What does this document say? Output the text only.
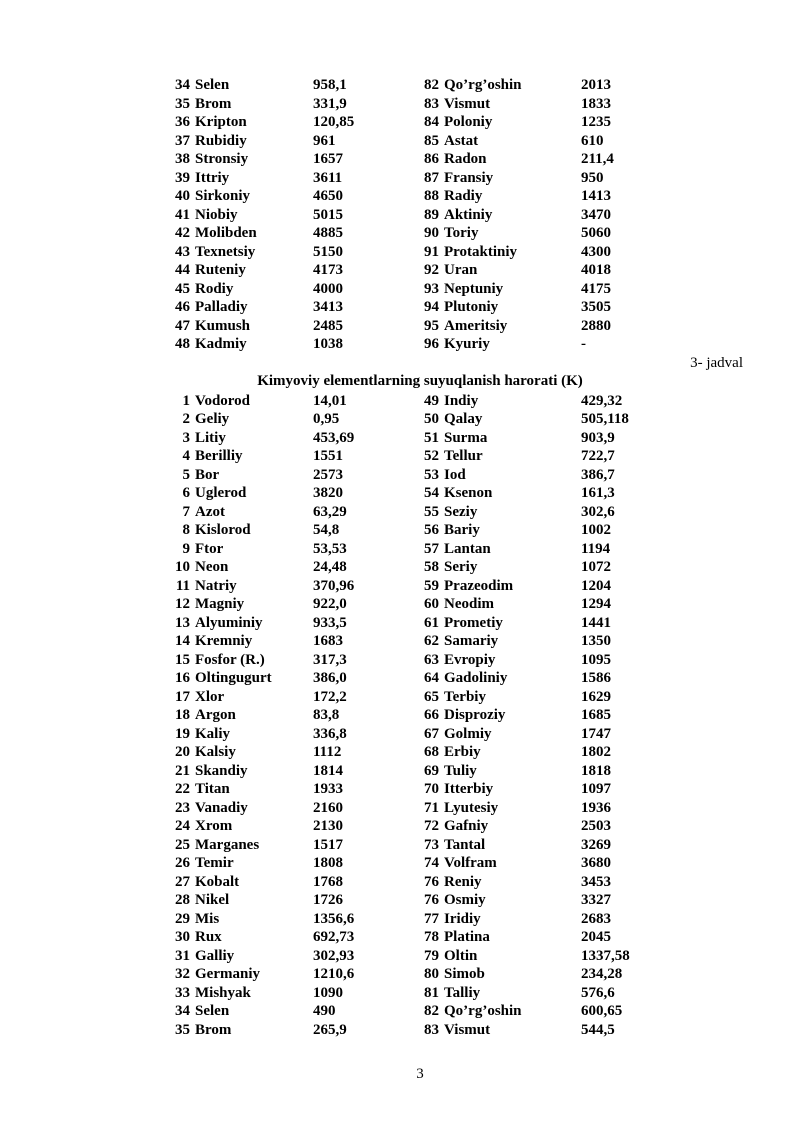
34	Selen	958,1	82	Qo’rg’oshin	2013
35	Brom	331,9	83	Vismut	1833
36	Kripton	120,85	84	Poloniy	1235
37	Rubidiy	961	85	Astat	610
38	Stronsiy	1657	86	Radon	211,4
39	Ittriy	3611	87	Fransiy	950
40	Sirkoniy	4650	88	Radiy	1413
41	Niobiy	5015	89	Aktiniy	3470
42	Molibden	4885	90	Toriy	5060
43	Texnetsiy	5150	91	Protaktiniy	4300
44	Ruteniy	4173	92	Uran	4018
45	Rodiy	4000	93	Neptuniy	4175
46	Palladiy	3413	94	Plutoniy	3505
47	Kumush	2485	95	Ameritsiy	2880
48	Kadmiy	1038	96	Kyuriy	-
3- jadval
Kimyoviy elementlarning suyuqlanish harorati (K)
1	Vodorod	14,01	49	Indiy	429,32
2	Geliy	0,95	50	Qalay	505,118
3	Litiy	453,69	51	Surma	903,9
4	Berilliy	1551	52	Tellur	722,7
5	Bor	2573	53	Iod	386,7
6	Uglerod	3820	54	Ksenon	161,3
7	Azot	63,29	55	Seziy	302,6
8	Kislorod	54,8	56	Bariy	1002
9	Ftor	53,53	57	Lantan	1194
10	Neon	24,48	58	Seriy	1072
11	Natriy	370,96	59	Prazeodim	1204
12	Magniy	922,0	60	Neodim	1294
13	Alyuminiy	933,5	61	Prometiy	1441
14	Kremniy	1683	62	Samariy	1350
15	Fosfor (R.)	317,3	63	Evropiy	1095
16	Oltingugurt	386,0	64	Gadoliniy	1586
17	Xlor	172,2	65	Terbiy	1629
18	Argon	83,8	66	Disproziy	1685
19	Kaliy	336,8	67	Golmiy	1747
20	Kalsiy	1112	68	Erbiy	1802
21	Skandiy	1814	69	Tuliy	1818
22	Titan	1933	70	Itterbiy	1097
23	Vanadiy	2160	71	Lyutesiy	1936
24	Xrom	2130	72	Gafniy	2503
25	Marganes	1517	73	Tantal	3269
26	Temir	1808	74	Volfram	3680
27	Kobalt	1768	76	Reniy	3453
28	Nikel	1726	76	Osmiy	3327
29	Mis	1356,6	77	Iridiy	2683
30	Rux	692,73	78	Platina	2045
31	Galliy	302,93	79	Oltin	1337,58
32	Germaniy	1210,6	80	Simob	234,28
33	Mishyak	1090	81	Talliy	576,6
34	Selen	490	82	Qo’rg’oshin	600,65
35	Brom	265,9	83	Vismut	544,5
3
